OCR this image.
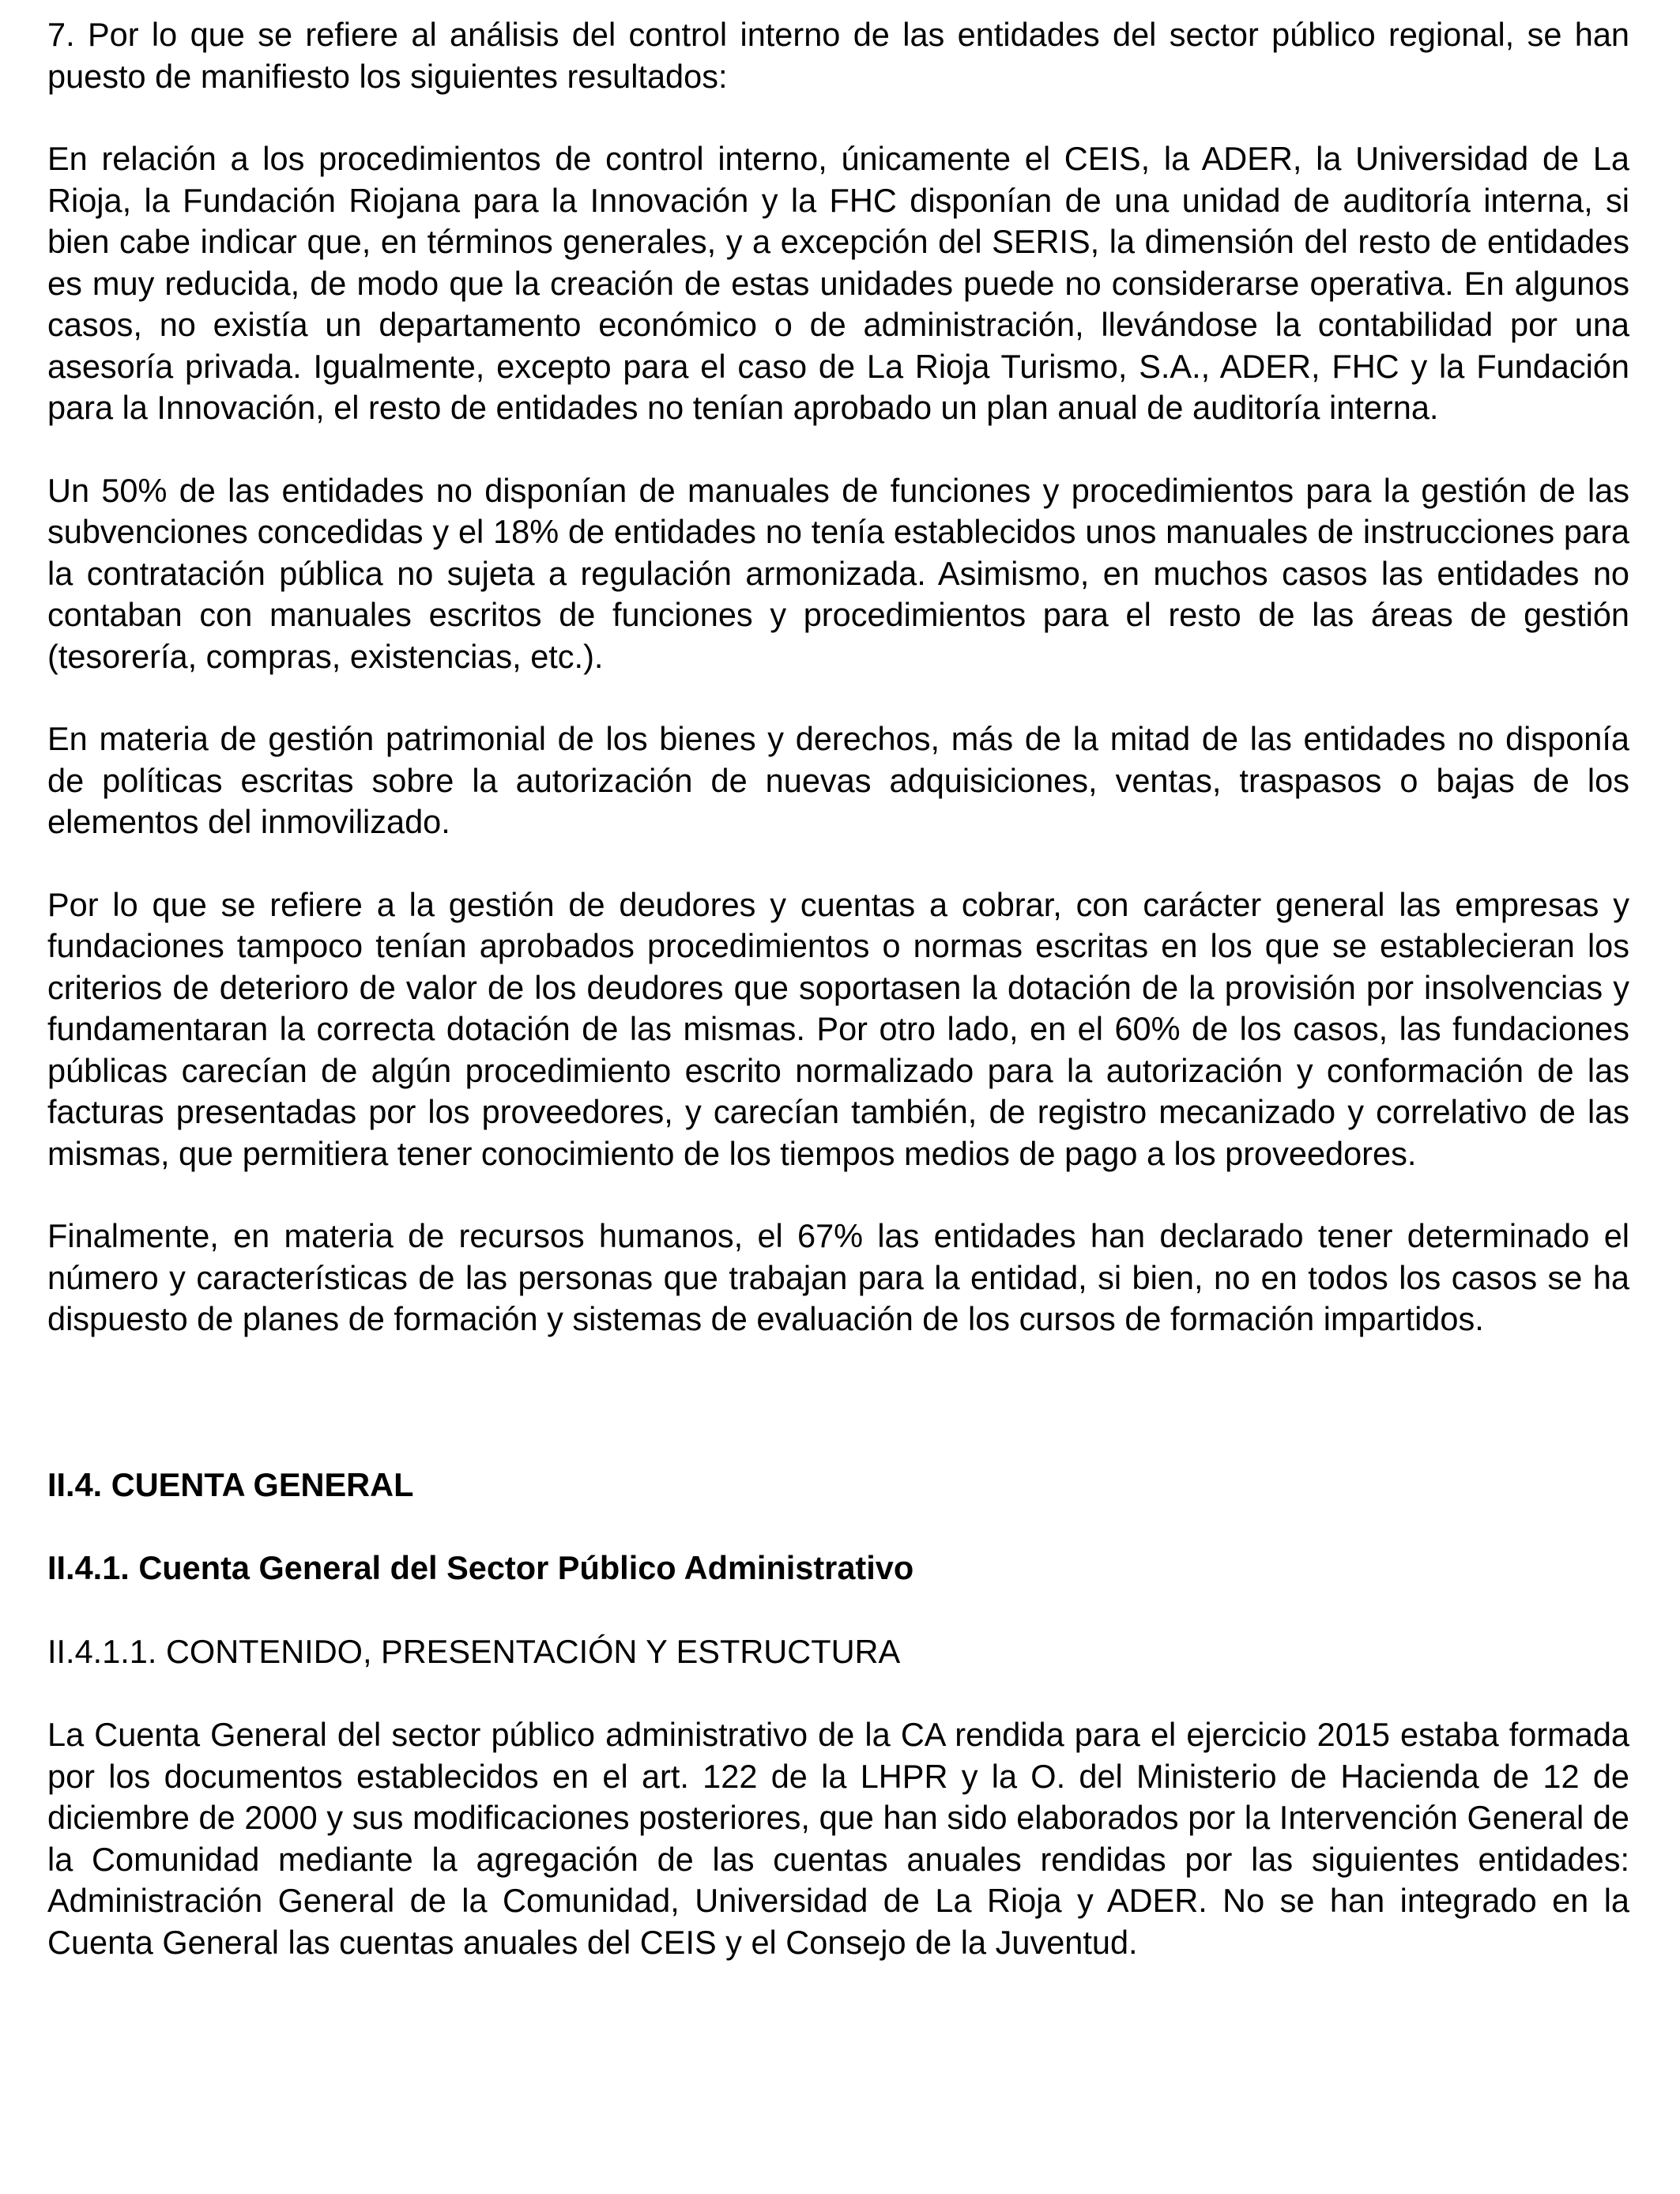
7. Por lo que se refiere al análisis del control interno de las entidades del sector público regional, se han puesto de manifiesto los siguientes resultados:

En relación a los procedimientos de control interno, únicamente el CEIS, la ADER, la Universidad de La Rioja, la Fundación Riojana para la Innovación y la FHC disponían de una unidad de auditoría interna, si bien cabe indicar que, en términos generales, y a excepción del SERIS, la dimensión del resto de entidades es muy reducida, de modo que la creación de estas unidades puede no considerarse operativa. En algunos casos, no existía un departamento económico o de administración, llevándose la contabilidad por una asesoría privada. Igualmente, excepto para el caso de La Rioja Turismo, S.A., ADER, FHC y la Fundación para la Innovación, el resto de entidades no tenían aprobado un plan anual de auditoría interna.

Un 50% de las entidades no disponían de manuales de funciones y procedimientos para la gestión de las subvenciones concedidas y el 18% de entidades no tenía establecidos unos manuales de instrucciones para la contratación pública no sujeta a regulación armonizada. Asimismo, en muchos casos las entidades no contaban con manuales escritos de funciones y procedimientos para el resto de las áreas de gestión (tesorería, compras, existencias, etc.).

En materia de gestión patrimonial de los bienes y derechos, más de la mitad de las entidades no disponía de políticas escritas sobre la autorización de nuevas adquisiciones, ventas, traspasos o bajas de los elementos del inmovilizado.

Por lo que se refiere a la gestión de deudores y cuentas a cobrar, con carácter general las empresas y fundaciones tampoco tenían aprobados procedimientos o normas escritas en los que se establecieran los criterios de deterioro de valor de los deudores que soportasen la dotación de la provisión por insolvencias y fundamentaran la correcta dotación de las mismas. Por otro lado, en el 60% de los casos, las fundaciones públicas carecían de algún procedimiento escrito normalizado para la autorización y conformación de las facturas presentadas por los proveedores, y carecían también, de registro mecanizado y correlativo de las mismas, que permitiera tener conocimiento de los tiempos medios de pago a los proveedores.

Finalmente, en materia de recursos humanos, el 67% las entidades han declarado tener determinado el número y características de las personas que trabajan para la entidad, si bien, no en todos los casos se ha dispuesto de planes de formación y sistemas de evaluación de los cursos de formación impartidos.

II.4. CUENTA GENERAL
II.4.1. Cuenta General del Sector Público Administrativo
II.4.1.1. CONTENIDO, PRESENTACIÓN Y ESTRUCTURA

La Cuenta General del sector público administrativo de la CA rendida para el ejercicio 2015 estaba formada por los documentos establecidos en el art. 122 de la LHPR y la O. del Ministerio de Hacienda de 12 de diciembre de 2000 y sus modificaciones posteriores, que han sido elaborados por la Intervención General de la Comunidad mediante la agregación de las cuentas anuales rendidas por las siguientes entidades: Administración General de la Comunidad, Universidad de La Rioja y ADER. No se han integrado en la Cuenta General las cuentas anuales del CEIS y el Consejo de la Juventud.
